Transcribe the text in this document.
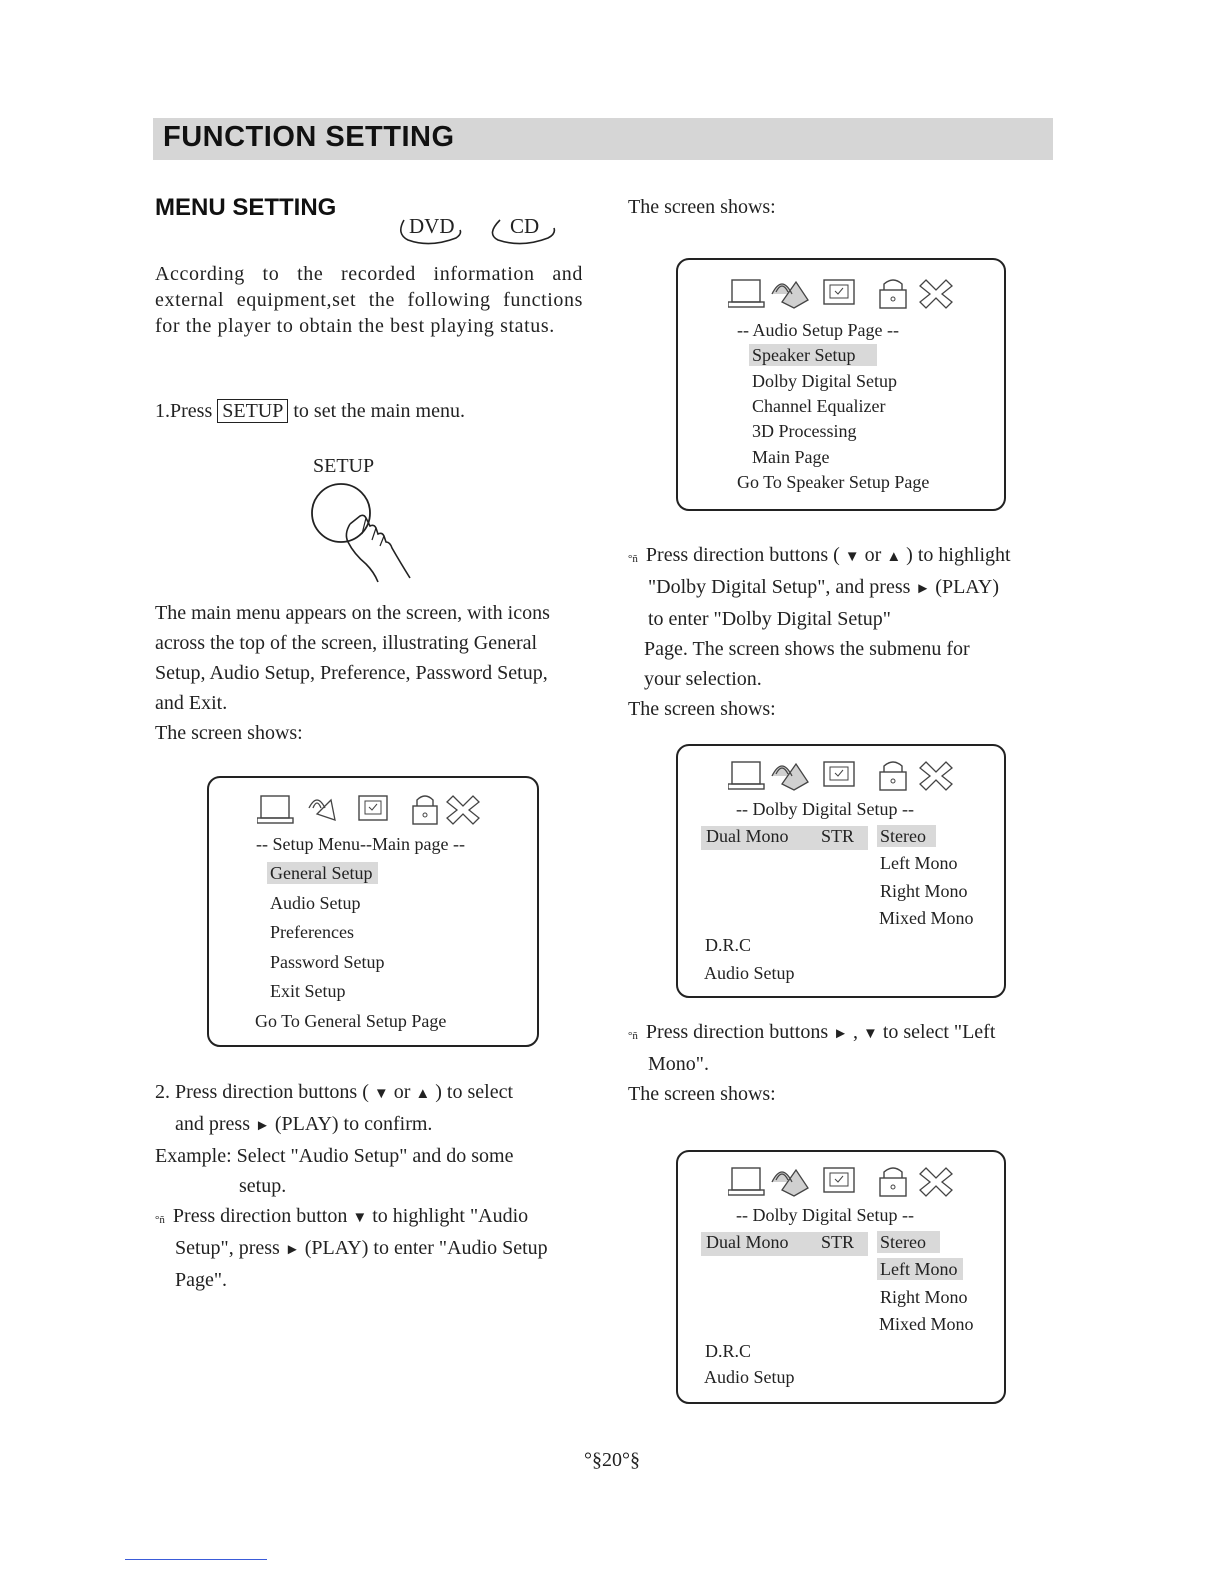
FUNCTION SETTING
MENU SETTING
DVD	CD
According to the recorded information and external equipment,set the following functions for the player to obtain the best playing status.
1.Press SETUP to set the main menu.
SETUP
The main menu appears on the screen, with icons
across the top of the screen, illustrating General
Setup, Audio Setup, Preference, Password Setup,
and Exit.
The screen shows:
-- Setup Menu--Main page --
General Setup
Audio Setup
Preferences
Password Setup
Exit Setup
Go To General Setup Page
2. Press direction buttons ( ▼ or ▲ ) to select
and press ► (PLAY) to confirm.
Example: Select "Audio Setup" and do some
setup.
$^{^\circ ñ}$ Press direction button ▼ to highlight "Audio
Setup", press ► (PLAY) to enter "Audio Setup
Page".
The screen shows:
-- Audio Setup Page --
Speaker Setup
Dolby Digital Setup
Channel Equalizer
3D Processing
Main Page
Go To Speaker Setup Page
$^{^\circ ñ}$ Press direction buttons ( ▼ or ▲ ) to highlight
"Dolby Digital Setup", and press ► (PLAY)
to enter "Dolby Digital Setup"
Page. The screen shows the submenu for
your selection.
The screen shows:
-- Dolby Digital Setup --
Dual Mono STR Stereo
Left Mono
Right Mono
Mixed Mono
D.R.C
Audio Setup
$^{^\circ ñ}$ Press direction buttons ► , ▼ to select "Left
Mono".
The screen shows:
-- Dolby Digital Setup --
Dual Mono STR Stereo
Left Mono
Right Mono
Mixed Mono
D.R.C
Audio Setup
°§20°§
